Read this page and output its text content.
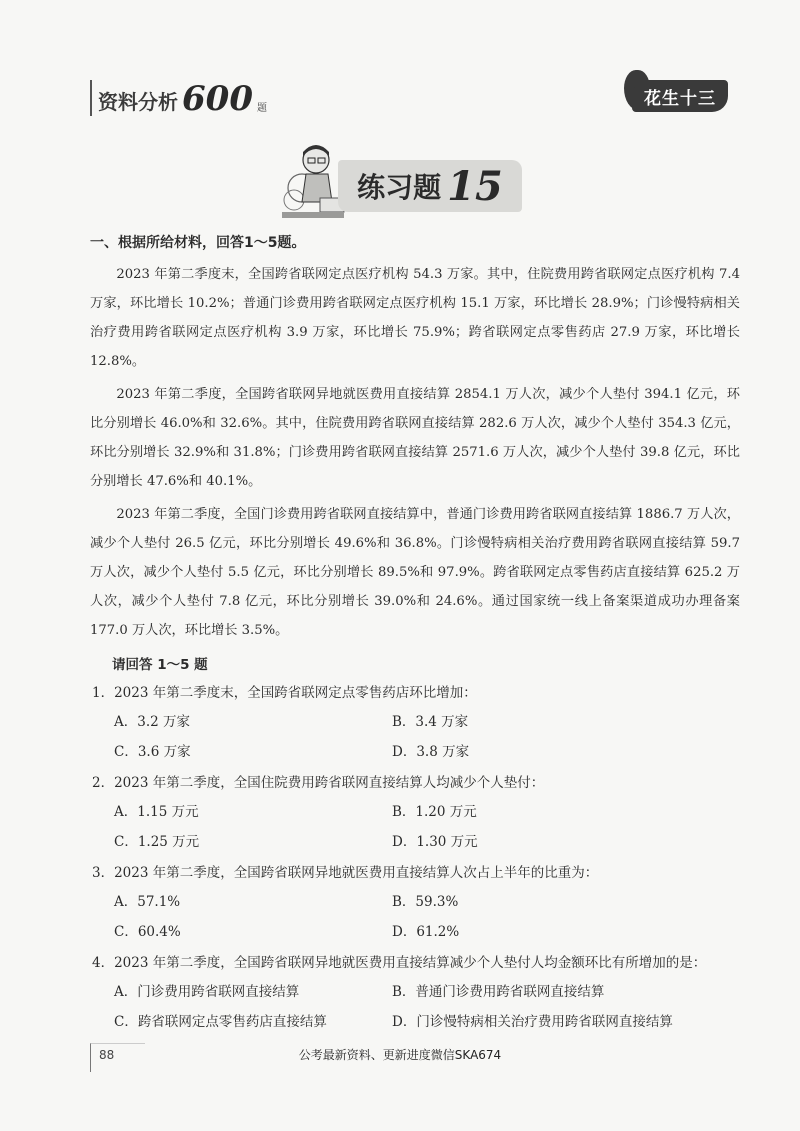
资料分析 600 题	花生十三
练习题 15
一、根据所给材料，回答1～5题。

2023 年第二季度末，全国跨省联网定点医疗机构 54.3 万家。其中，住院费用跨省联网定点医疗机构 7.4 万家，环比增长 10.2%；普通门诊费用跨省联网定点医疗机构 15.1 万家，环比增长 28.9%；门诊慢特病相关治疗费用跨省联网定点医疗机构 3.9 万家，环比增长 75.9%；跨省联网定点零售药店 27.9 万家，环比增长 12.8%。

2023 年第二季度，全国跨省联网异地就医费用直接结算 2854.1 万人次，减少个人垫付 394.1 亿元，环比分别增长 46.0%和 32.6%。其中，住院费用跨省联网直接结算 282.6 万人次，减少个人垫付 354.3 亿元，环比分别增长 32.9%和 31.8%；门诊费用跨省联网直接结算 2571.6 万人次，减少个人垫付 39.8 亿元，环比分别增长 47.6%和 40.1%。

2023 年第二季度，全国门诊费用跨省联网直接结算中，普通门诊费用跨省联网直接结算 1886.7 万人次，减少个人垫付 26.5 亿元，环比分别增长 49.6%和 36.8%。门诊慢特病相关治疗费用跨省联网直接结算 59.7 万人次，减少个人垫付 5.5 亿元，环比分别增长 89.5%和 97.9%。跨省联网定点零售药店直接结算 625.2 万人次，减少个人垫付 7.8 亿元，环比分别增长 39.0%和 24.6%。通过国家统一线上备案渠道成功办理备案 177.0 万人次，环比增长 3.5%。

请回答 1～5 题
1．2023 年第二季度末，全国跨省联网定点零售药店环比增加：
A．3.2 万家	B．3.4 万家
C．3.6 万家	D．3.8 万家
2．2023 年第二季度，全国住院费用跨省联网直接结算人均减少个人垫付：
A．1.15 万元	B．1.20 万元
C．1.25 万元	D．1.30 万元
3．2023 年第二季度，全国跨省联网异地就医费用直接结算人次占上半年的比重为：
A．57.1%	B．59.3%
C．60.4%	D．61.2%
4．2023 年第二季度，全国跨省联网异地就医费用直接结算减少个人垫付人均金额环比有所增加的是：
A．门诊费用跨省联网直接结算	B．普通门诊费用跨省联网直接结算
C．跨省联网定点零售药店直接结算	D．门诊慢特病相关治疗费用跨省联网直接结算
88	公考最新资料、更新进度微信SKA674
